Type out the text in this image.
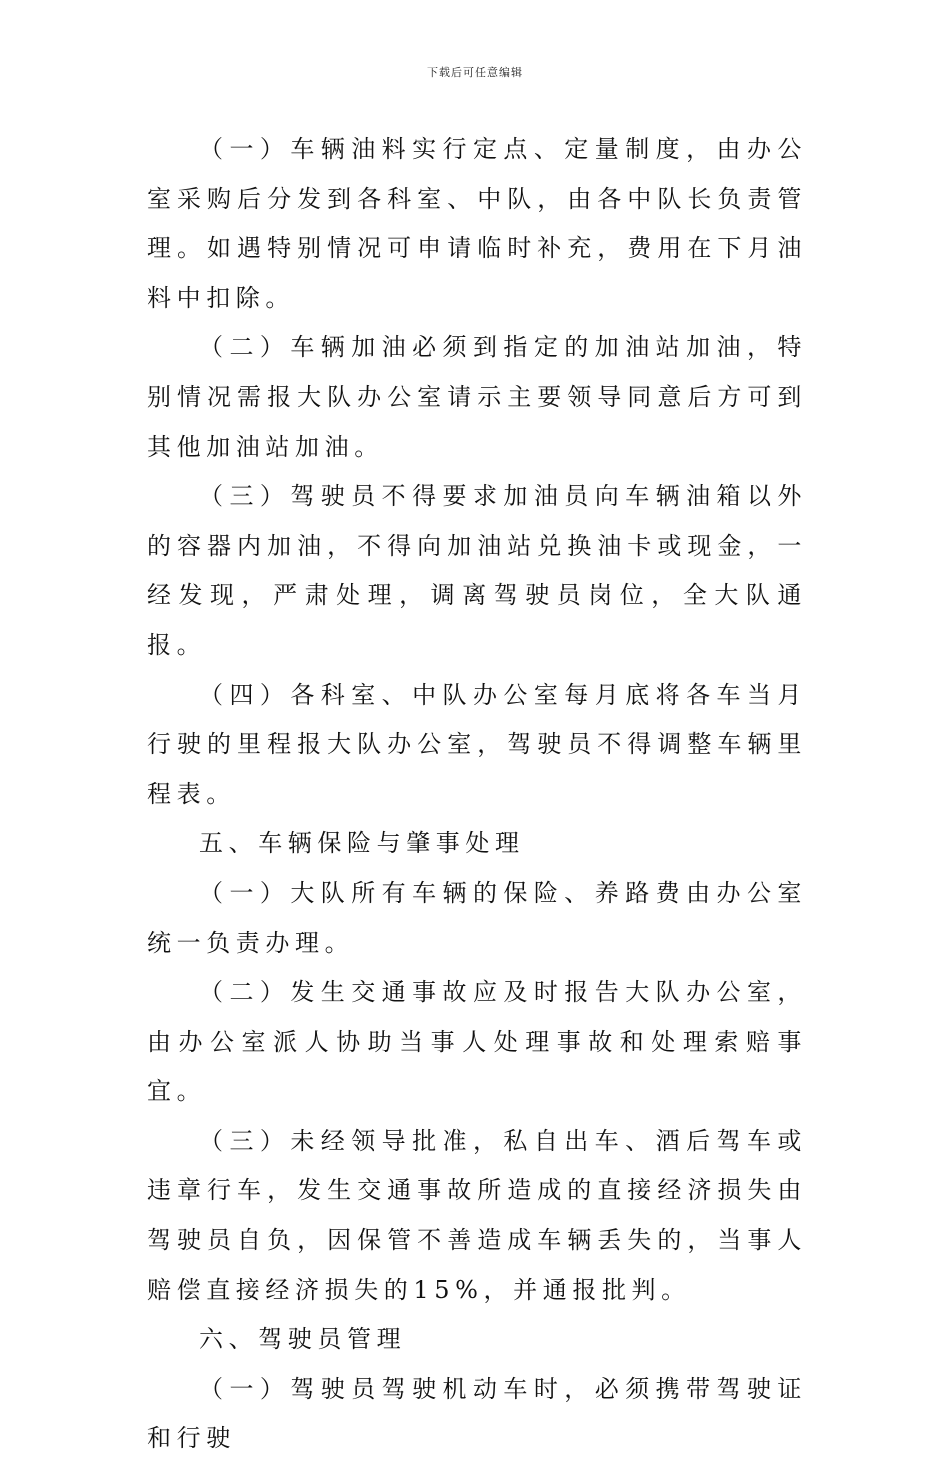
下载后可任意编辑

（一）车辆油料实行定点、定量制度，由办公室采购后分发到各科室、中队，由各中队长负责管理。如遇特别情况可申请临时补充，费用在下月油料中扣除。

（二）车辆加油必须到指定的加油站加油，特别情况需报大队办公室请示主要领导同意后方可到其他加油站加油。

（三）驾驶员不得要求加油员向车辆油箱以外的容器内加油，不得向加油站兑换油卡或现金，一经发现，严肃处理，调离驾驶员岗位，全大队通报。

（四）各科室、中队办公室每月底将各车当月行驶的里程报大队办公室，驾驶员不得调整车辆里程表。

五、车辆保险与肇事处理

（一）大队所有车辆的保险、养路费由办公室统一负责办理。

（二）发生交通事故应及时报告大队办公室，由办公室派人协助当事人处理事故和处理索赔事宜。

（三）未经领导批准，私自出车、酒后驾车或违章行车，发生交通事故所造成的直接经济损失由驾驶员自负，因保管不善造成车辆丢失的，当事人赔偿直接经济损失的15%，并通报批判。

六、驾驶员管理

（一）驾驶员驾驶机动车时，必须携带驾驶证和行驶
